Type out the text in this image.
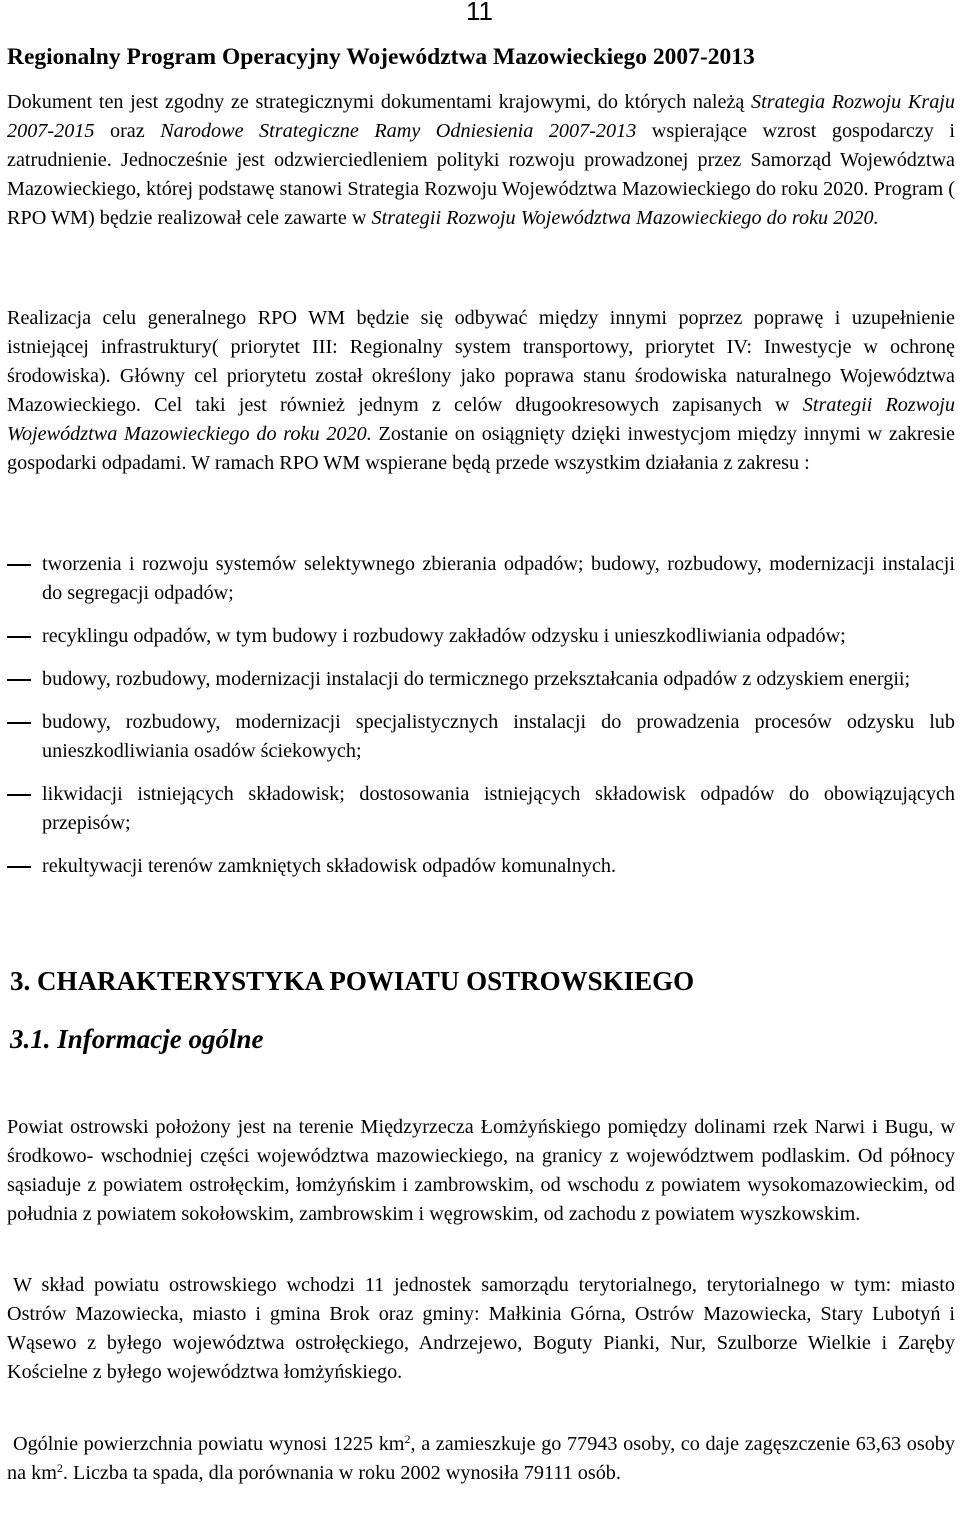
11
Regionalny Program Operacyjny Województwa Mazowieckiego 2007-2013

Dokument ten jest zgodny ze strategicznymi dokumentami krajowymi, do których należą Strategia Rozwoju Kraju 2007-2015 oraz Narodowe Strategiczne Ramy Odniesienia 2007-2013 wspierające wzrost gospodarczy i zatrudnienie. Jednocześnie jest odzwierciedleniem polityki rozwoju prowadzonej przez Samorząd Województwa Mazowieckiego, której podstawę stanowi Strategia Rozwoju Województwa Mazowieckiego do roku 2020. Program ( RPO WM) będzie realizował cele zawarte w Strategii Rozwoju Województwa Mazowieckiego do roku 2020.

Realizacja celu generalnego RPO WM będzie się odbywać między innymi poprzez poprawę i uzupełnienie istniejącej infrastruktury( priorytet III: Regionalny system transportowy, priorytet IV: Inwestycje w ochronę środowiska). Główny cel priorytetu został określony jako poprawa stanu środowiska naturalnego Województwa Mazowieckiego. Cel taki jest również jednym z celów długookresowych zapisanych w Strategii Rozwoju Województwa Mazowieckiego do roku 2020. Zostanie on osiągnięty dzięki inwestycjom między innymi w zakresie gospodarki odpadami. W ramach RPO WM wspierane będą przede wszystkim działania z zakresu :

tworzenia i rozwoju systemów selektywnego zbierania odpadów; budowy, rozbudowy, modernizacji instalacji do segregacji odpadów;
recyklingu odpadów, w tym budowy i rozbudowy zakładów odzysku i unieszkodliwiania odpadów;
budowy, rozbudowy, modernizacji instalacji do termicznego przekształcania odpadów z odzyskiem energii;
budowy, rozbudowy, modernizacji specjalistycznych instalacji do prowadzenia procesów odzysku lub unieszkodliwiania osadów ściekowych;
likwidacji istniejących składowisk; dostosowania istniejących składowisk odpadów do obowiązujących przepisów;
rekultywacji terenów zamkniętych składowisk odpadów komunalnych.
3. CHARAKTERYSTYKA POWIATU OSTROWSKIEGO
3.1. Informacje ogólne

Powiat ostrowski położony jest na terenie Międzyrzecza Łomżyńskiego pomiędzy dolinami rzek Narwi i Bugu, w środkowo- wschodniej części województwa mazowieckiego, na granicy z województwem podlaskim. Od północy sąsiaduje z powiatem ostrołęckim, łomżyńskim i zambrowskim, od wschodu z powiatem wysokomazowieckim, od południa z powiatem sokołowskim, zambrowskim i węgrowskim, od zachodu z powiatem wyszkowskim.

W skład powiatu ostrowskiego wchodzi 11 jednostek samorządu terytorialnego, terytorialnego w tym: miasto Ostrów Mazowiecka, miasto i gmina Brok oraz gminy: Małkinia Górna, Ostrów Mazowiecka, Stary Lubotyń i Wąsewo z byłego województwa ostrołęckiego, Andrzejewo, Boguty Pianki, Nur, Szulborze Wielkie i Zaręby Kościelne z byłego województwa łomżyńskiego.

Ogólnie powierzchnia powiatu wynosi 1225 $km^2$, a zamieszkuje go 77943 osoby, co daje zagęszczenie 63,63 osoby na $km^2$. Liczba ta spada, dla porównania w roku 2002 wynosiła 79111 osób.
